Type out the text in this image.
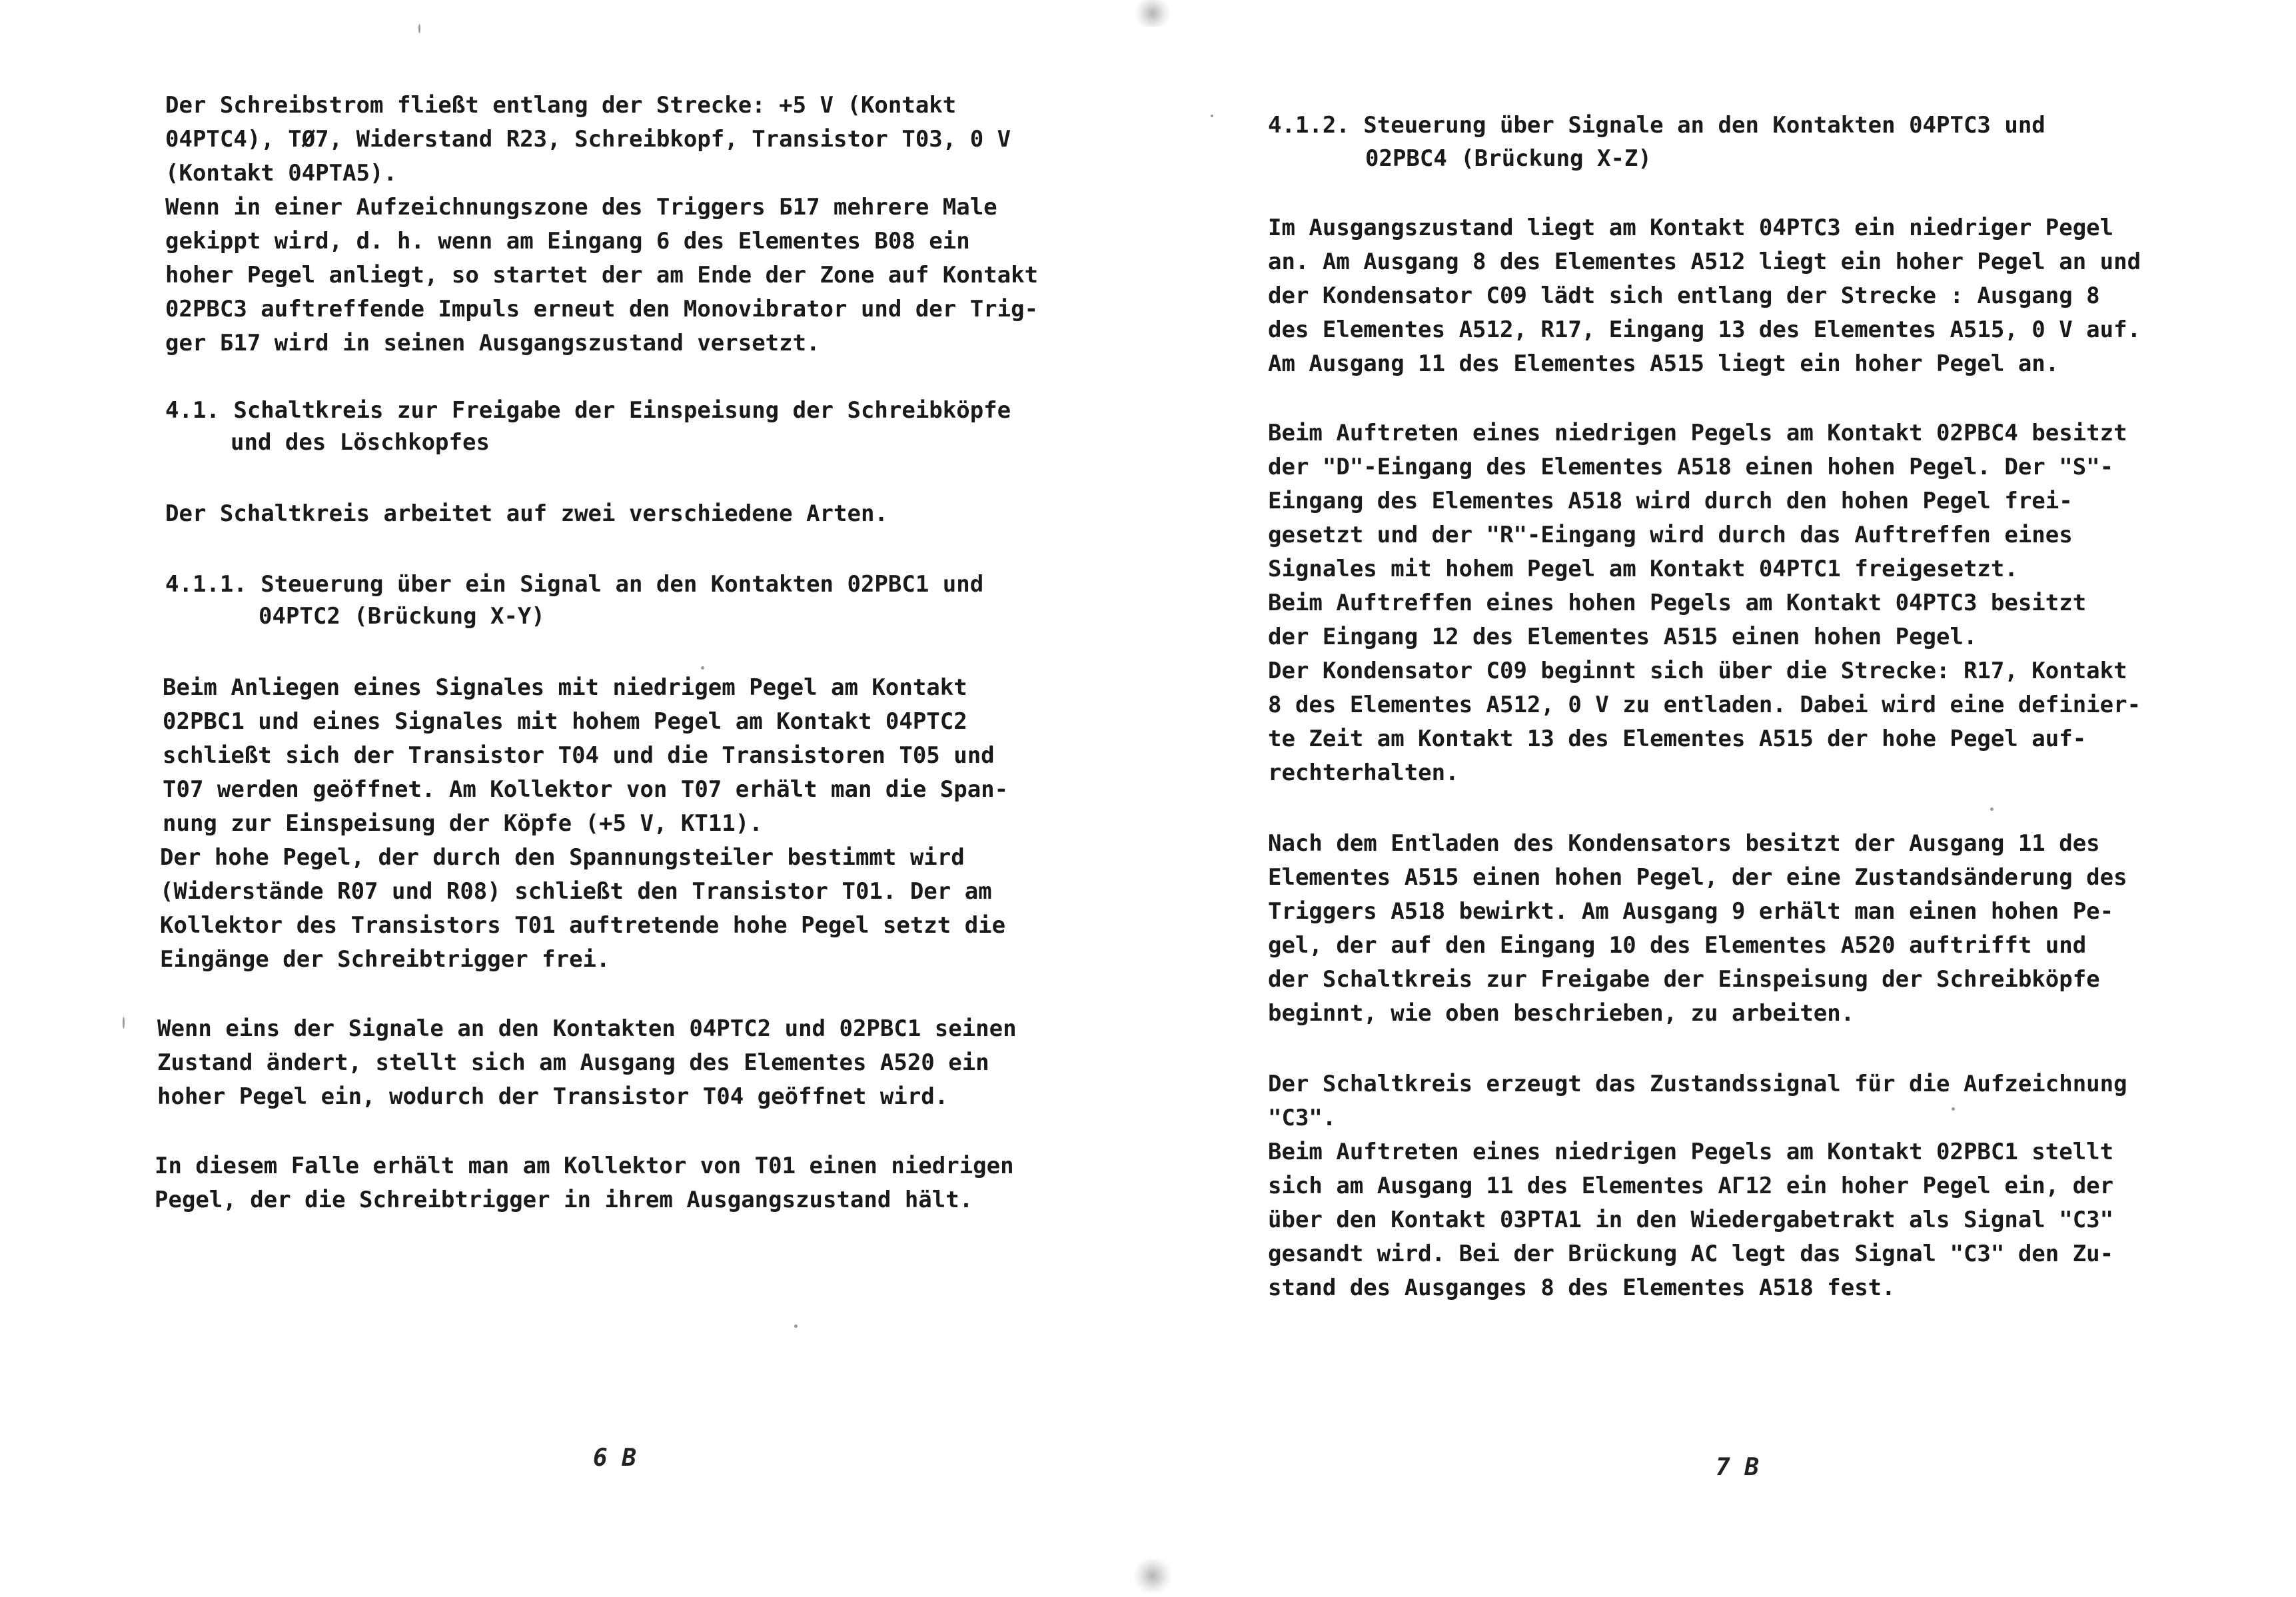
Der Schreibstrom fließt entlang der Strecke: +5 V (Kontakt
04PTC4), TØ7, Widerstand R23, Schreibkopf, Transistor T03, 0 V
(Kontakt 04PTA5).
Wenn in einer Aufzeichnungszone des Triggers Б17 mehrere Male
gekippt wird, d. h. wenn am Eingang 6 des Elementes B08 ein
hoher Pegel anliegt, so startet der am Ende der Zone auf Kontakt
02PBC3 auftreffende Impuls erneut den Monovibrator und der Trig-
ger Б17 wird in seinen Ausgangszustand versetzt.
4.1. Schaltkreis zur Freigabe der Einspeisung der Schreibköpfe
und des Löschkopfes
Der Schaltkreis arbeitet auf zwei verschiedene Arten.
4.1.1. Steuerung über ein Signal an den Kontakten 02PBC1 und
04PTC2 (Brückung X-Y)
Beim Anliegen eines Signales mit niedrigem Pegel am Kontakt
02PBC1 und eines Signales mit hohem Pegel am Kontakt 04PTC2
schließt sich der Transistor T04 und die Transistoren T05 und
T07 werden geöffnet. Am Kollektor von T07 erhält man die Span-
nung zur Einspeisung der Köpfe (+5 V, KT11).
Der hohe Pegel, der durch den Spannungsteiler bestimmt wird
(Widerstände R07 und R08) schließt den Transistor T01. Der am
Kollektor des Transistors T01 auftretende hohe Pegel setzt die
Eingänge der Schreibtrigger frei.
Wenn eins der Signale an den Kontakten 04PTC2 und 02PBC1 seinen
Zustand ändert, stellt sich am Ausgang des Elementes A520 ein
hoher Pegel ein, wodurch der Transistor T04 geöffnet wird.
In diesem Falle erhält man am Kollektor von T01 einen niedrigen
Pegel, der die Schreibtrigger in ihrem Ausgangszustand hält.
6 B
4.1.2. Steuerung über Signale an den Kontakten 04PTC3 und
02PBC4 (Brückung X-Z)
Im Ausgangszustand liegt am Kontakt 04PTC3 ein niedriger Pegel
an. Am Ausgang 8 des Elementes A512 liegt ein hoher Pegel an und
der Kondensator C09 lädt sich entlang der Strecke : Ausgang 8
des Elementes A512, R17, Eingang 13 des Elementes A515, 0 V auf.
Am Ausgang 11 des Elementes A515 liegt ein hoher Pegel an.
Beim Auftreten eines niedrigen Pegels am Kontakt 02PBC4 besitzt
der "D"-Eingang des Elementes A518 einen hohen Pegel. Der "S"-
Eingang des Elementes A518 wird durch den hohen Pegel frei-
gesetzt und der "R"-Eingang wird durch das Auftreffen eines
Signales mit hohem Pegel am Kontakt 04PTC1 freigesetzt.
Beim Auftreffen eines hohen Pegels am Kontakt 04PTC3 besitzt
der Eingang 12 des Elementes A515 einen hohen Pegel.
Der Kondensator C09 beginnt sich über die Strecke: R17, Kontakt
8 des Elementes A512, 0 V zu entladen. Dabei wird eine definier-
te Zeit am Kontakt 13 des Elementes A515 der hohe Pegel auf-
rechterhalten.
Nach dem Entladen des Kondensators besitzt der Ausgang 11 des
Elementes A515 einen hohen Pegel, der eine Zustandsänderung des
Triggers A518 bewirkt. Am Ausgang 9 erhält man einen hohen Pe-
gel, der auf den Eingang 10 des Elementes A520 auftrifft und
der Schaltkreis zur Freigabe der Einspeisung der Schreibköpfe
beginnt, wie oben beschrieben, zu arbeiten.
Der Schaltkreis erzeugt das Zustandssignal für die Aufzeichnung
"C3".
Beim Auftreten eines niedrigen Pegels am Kontakt 02PBC1 stellt
sich am Ausgang 11 des Elementes AГ12 ein hoher Pegel ein, der
über den Kontakt 03PTA1 in den Wiedergabetrakt als Signal "C3"
gesandt wird. Bei der Brückung AC legt das Signal "C3" den Zu-
stand des Ausganges 8 des Elementes A518 fest.
7 B
